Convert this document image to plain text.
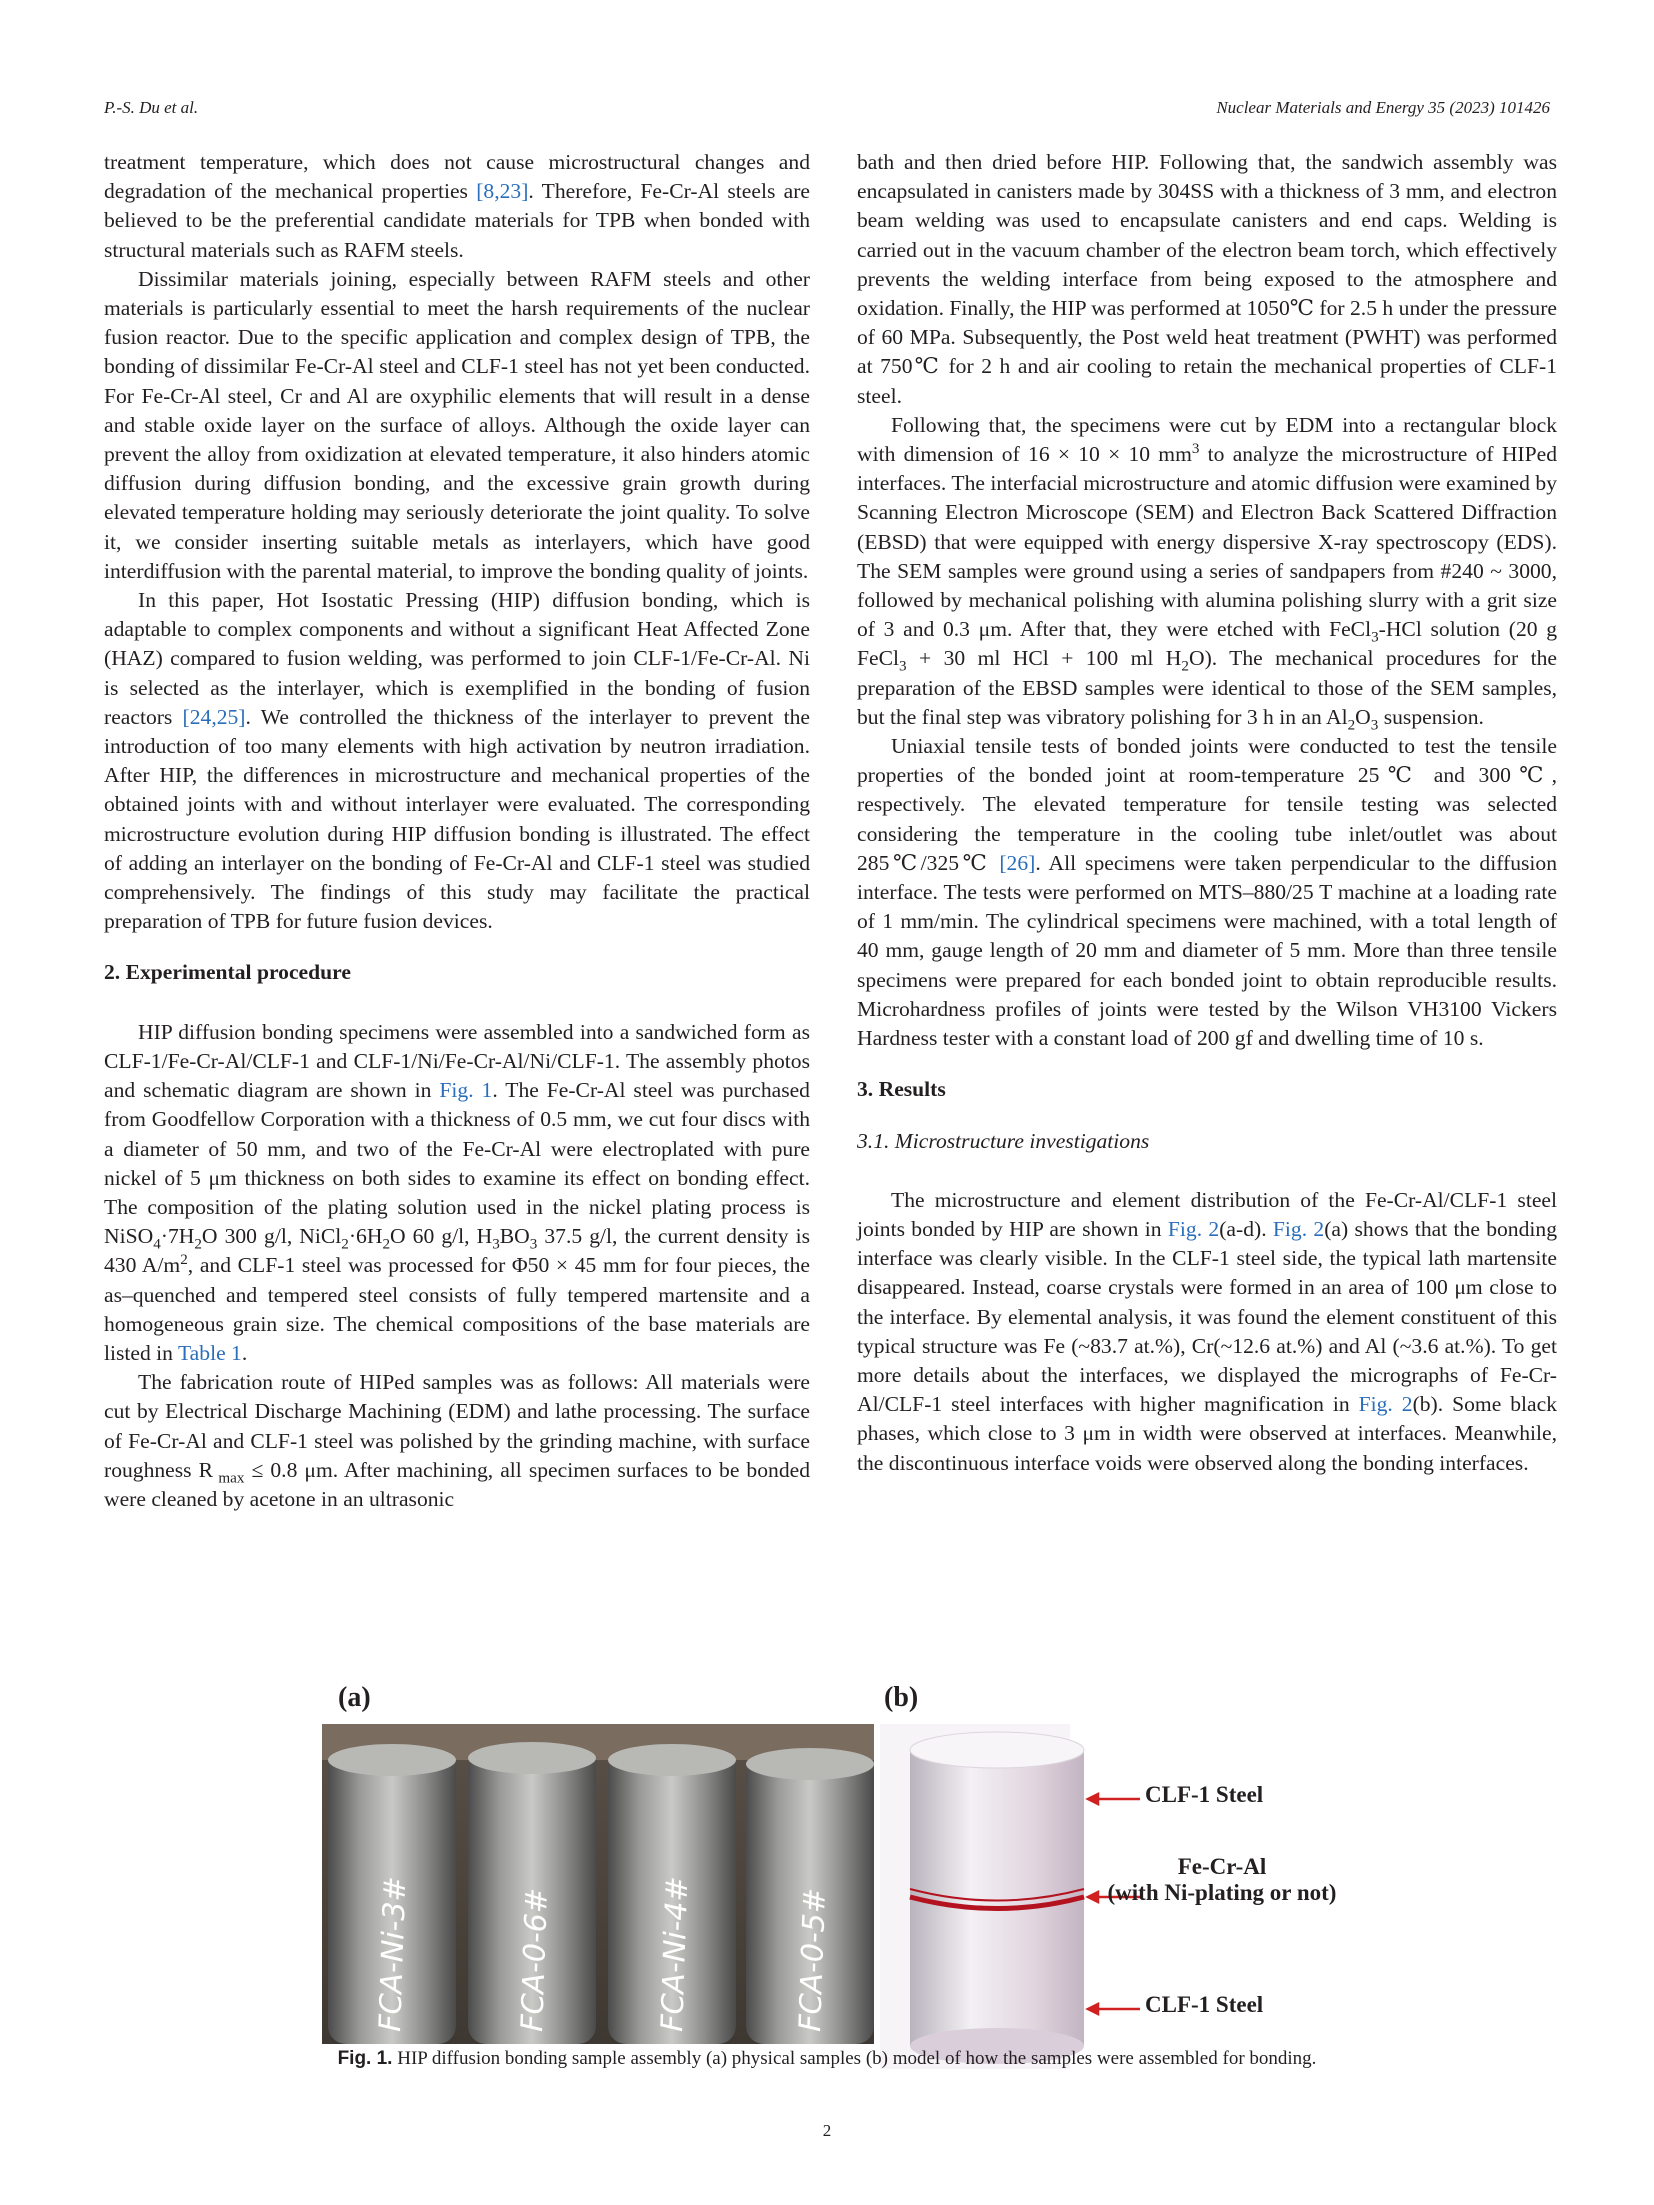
P.-S. Du et al.	Nuclear Materials and Energy 35 (2023) 101426

treatment temperature, which does not cause microstructural changes and degradation of the mechanical properties [8,23]. Therefore, Fe-Cr-Al steels are believed to be the preferential candidate materials for TPB when bonded with structural materials such as RAFM steels.

Dissimilar materials joining, especially between RAFM steels and other materials is particularly essential to meet the harsh requirements of the nuclear fusion reactor. Due to the specific application and complex design of TPB, the bonding of dissimilar Fe-Cr-Al steel and CLF-1 steel has not yet been conducted. For Fe-Cr-Al steel, Cr and Al are oxyphilic elements that will result in a dense and stable oxide layer on the surface of alloys. Although the oxide layer can prevent the alloy from oxidization at elevated temperature, it also hinders atomic diffusion during diffusion bonding, and the excessive grain growth during elevated temperature holding may seriously deteriorate the joint quality. To solve it, we consider inserting suitable metals as interlayers, which have good interdiffusion with the parental material, to improve the bonding quality of joints.

In this paper, Hot Isostatic Pressing (HIP) diffusion bonding, which is adaptable to complex components and without a significant Heat Affected Zone (HAZ) compared to fusion welding, was performed to join CLF-1/Fe-Cr-Al. Ni is selected as the interlayer, which is exemplified in the bonding of fusion reactors [24,25]. We controlled the thickness of the interlayer to prevent the introduction of too many elements with high activation by neutron irradiation. After HIP, the differences in microstructure and mechanical properties of the obtained joints with and without interlayer were evaluated. The corresponding microstructure evolution during HIP diffusion bonding is illustrated. The effect of adding an interlayer on the bonding of Fe-Cr-Al and CLF-1 steel was studied comprehensively. The findings of this study may facilitate the practical preparation of TPB for future fusion devices.

2. Experimental procedure

HIP diffusion bonding specimens were assembled into a sandwiched form as CLF-1/Fe-Cr-Al/CLF-1 and CLF-1/Ni/Fe-Cr-Al/Ni/CLF-1. The assembly photos and schematic diagram are shown in Fig. 1. The Fe-Cr-Al steel was purchased from Goodfellow Corporation with a thickness of 0.5 mm, we cut four discs with a diameter of 50 mm, and two of the Fe-Cr-Al were electroplated with pure nickel of 5 μm thickness on both sides to examine its effect on bonding effect. The composition of the plating solution used in the nickel plating process is $NiSO_4\cdot 7H_2O$ 300 g/l, $NiCl_2\cdot 6H_2O$ 60 g/l, $H_3BO_3$ 37.5 g/l, the current density is 430 $A/m^2$, and CLF-1 steel was processed for Φ50 × 45 mm for four pieces, the as–quenched and tempered steel consists of fully tempered martensite and a homogeneous grain size. The chemical compositions of the base materials are listed in Table 1.

The fabrication route of HIPed samples was as follows: All materials were cut by Electrical Discharge Machining (EDM) and lathe processing. The surface of Fe-Cr-Al and CLF-1 steel was polished by the grinding machine, with surface roughness R $_{max}$ ≤ 0.8 μm. After machining, all specimen surfaces to be bonded were cleaned by acetone in an ultrasonic

bath and then dried before HIP. Following that, the sandwich assembly was encapsulated in canisters made by 304SS with a thickness of 3 mm, and electron beam welding was used to encapsulate canisters and end caps. Welding is carried out in the vacuum chamber of the electron beam torch, which effectively prevents the welding interface from being exposed to the atmosphere and oxidation. Finally, the HIP was performed at 1050℃ for 2.5 h under the pressure of 60 MPa. Subsequently, the Post weld heat treatment (PWHT) was performed at 750℃ for 2 h and air cooling to retain the mechanical properties of CLF-1 steel.

Following that, the specimens were cut by EDM into a rectangular block with dimension of 16 × 10 × 10 $mm^3$ to analyze the microstructure of HIPed interfaces. The interfacial microstructure and atomic diffusion were examined by Scanning Electron Microscope (SEM) and Electron Back Scattered Diffraction (EBSD) that were equipped with energy dispersive X-ray spectroscopy (EDS). The SEM samples were ground using a series of sandpapers from #240 ~ 3000, followed by mechanical polishing with alumina polishing slurry with a grit size of 3 and 0.3 μm. After that, they were etched with FeCl$_3$-HCl solution (20 g FeCl$_3$ + 30 ml HCl + 100 ml $H_2O$). The mechanical procedures for the preparation of the EBSD samples were identical to those of the SEM samples, but the final step was vibratory polishing for 3 h in an $Al_2O_3$ suspension.

Uniaxial tensile tests of bonded joints were conducted to test the tensile properties of the bonded joint at room-temperature 25℃ and 300℃, respectively. The elevated temperature for tensile testing was selected considering the temperature in the cooling tube inlet/outlet was about 285℃/325℃ [26]. All specimens were taken perpendicular to the diffusion interface. The tests were performed on MTS–880/25 T machine at a loading rate of 1 mm/min. The cylindrical specimens were machined, with a total length of 40 mm, gauge length of 20 mm and diameter of 5 mm. More than three tensile specimens were prepared for each bonded joint to obtain reproducible results. Microhardness profiles of joints were tested by the Wilson VH3100 Vickers Hardness tester with a constant load of 200 gf and dwelling time of 10 s.

3. Results
3.1. Microstructure investigations

The microstructure and element distribution of the Fe-Cr-Al/CLF-1 steel joints bonded by HIP are shown in Fig. 2(a-d). Fig. 2(a) shows that the bonding interface was clearly visible. In the CLF-1 steel side, the typical lath martensite disappeared. Instead, coarse crystals were formed in an area of 100 μm close to the interface. By elemental analysis, it was found the element constituent of this typical structure was Fe (~83.7 at.%), Cr(~12.6 at.%) and Al (~3.6 at.%). To get more details about the interfaces, we displayed the micrographs of Fe-Cr-Al/CLF-1 steel interfaces with higher magnification in Fig. 2(b). Some black phases, which close to 3 μm in width were observed at interfaces. Meanwhile, the discontinuous interface voids were observed along the bonding interfaces.

(a)	(b)
FCA-Ni-3#	FCA-0-6#	FCA-Ni-4#	FCA-0-5#
CLF-1 Steel
Fe-Cr-Al
(with Ni-plating or not)
CLF-1 Steel
Fig. 1. HIP diffusion bonding sample assembly (a) physical samples (b) model of how the samples were assembled for bonding.
2
